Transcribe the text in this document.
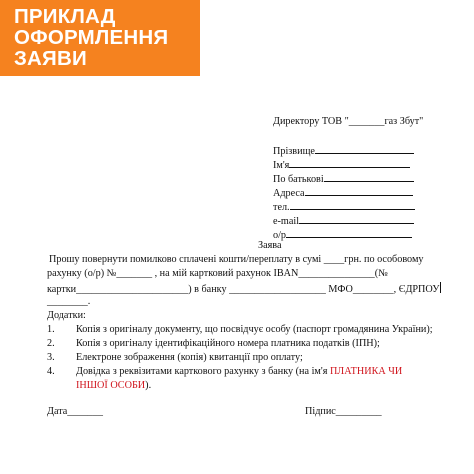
ПРИКЛАД
ОФОРМЛЕННЯ
ЗАЯВИ
Директору ТОВ "_______газ Збут"
Прізвище
Ім'я
По батькові
Адреса
тел.
e-mail
о/р
Заява
Прошу повернути помилково сплачені кошти/переплату в сумі ____грн. по особовому
рахунку (о/р) №_______ , на мій картковий рахунок IBAN_______________(№
картки______________________) в банку ___________________ МФО________, ЄДРПОУ
________.
Додатки:
1. Копія з оригіналу документу, що посвідчує особу (паспорт громадянина України);
2. Копія з оригіналу ідентифікаційного номера платника податків (ІПН);
3. Електроне зображення (копія) квитанції про оплату;
4. Довідка з реквізитами карткового рахунку з банку (на ім'я ПЛАТНИКА ЧИ
ІНШОЇ ОСОБИ).
Дата_______	Підпис_________
